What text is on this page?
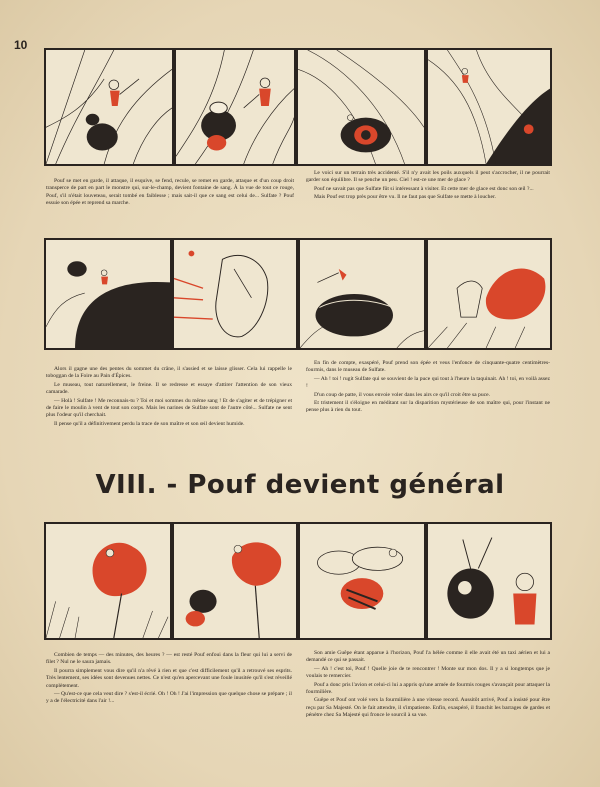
10

Pouf se met en garde, il attaque, il esquive, se fend, recule, se remet en garde, attaque et d'un coup droit transperce de part en part le monstre qui, sur-le-champ, devient fontaine de sang. À la vue de tout ce rouge, Pouf, s'il n'était louveteau, serait tombé en faiblesse ; mais sait-il que ce sang est celui de... Sulfate ? Pouf essuie son épée et reprend sa marche.

Le voici sur un terrain très accidenté. S'il n'y avait les poils auxquels il peut s'accrocher, il ne pourrait garder son équilibre. Il se penche un peu. Ciel ! est-ce une mer de glace ?

Pouf ne savait pas que Sulfate fût si intéressant à visiter. Et cette mer de glace est donc son œil ?...

Mais Pouf est trop près pour être vu. Il ne faut pas que Sulfate se mette à loucher.

Alors il gagne une des pentes du sommet du crâne, il s'assied et se laisse glisser. Cela lui rappelle le toboggan de la Foire au Pain d'Épices.

Le museau, tout naturellement, le freine. Il se redresse et essaye d'attirer l'attention de son vieux camarade.

— Holà ! Sulfate ! Me reconnais-tu ? Toi et moi sommes du même sang ! Et de s'agiter et de trépigner et de faire le moulin à vent de tout son corps. Mais les narines de Sulfate sont de l'autre côté... Sulfate ne sent plus l'odeur qu'il cherchait.

Il pense qu'il a définitivement perdu la trace de son maître et son œil devient humide.

En fin de compte, exaspéré, Pouf prend son épée et veus l'enfonce de cinquante-quatre centimètres-fourmis, dans le museau de Sulfate.

— Ah ! toi ! rugit Sulfate qui se souvient de la puce qui tout à l'heure la taquinait. Ah ! toi, en voilà assez !

D'un coup de patte, il vous envoie voler dans les airs ce qu'il croit être sa puce.

Et tristement il s'éloigne en méditant sur la disparition mystérieuse de son maître qui, pour l'instant ne pense plus à rien du tout.

VIII. - Pouf devient général

Combien de temps — des minutes, des heures ? — est resté Pouf enfoui dans la fleur qui lui a servi de filet ? Nul ne le saura jamais.

Il pourra simplement vous dire qu'il n'a rêvé à rien et que c'est difficilement qu'il a retrouvé ses esprits. Très lentement, ses idées sont devenues nettes. Ce n'est qu'en apercevant une foule inusitée qu'il s'est réveillé complètement.

— Qu'est-ce que cela veut dire ? s'est-il écrié. Oh ! Oh ! J'ai l'impression que quelque chose se prépare ; il y a de l'électricité dans l'air !...

Son amie Guêpe étant apparue à l'horizon, Pouf l'a hélée comme il elle avait été un taxi aérien et lui a demandé ce qui se passait.

— Ah ! c'est toi, Pouf ! Quelle joie de te rencontrer ! Monte sur mon dos. Il y a si longtemps que je voulais te remercier.

Pouf a donc pris l'avion et celui-ci lui a appris qu'une armée de fourmis rouges s'avançait pour attaquer la fourmilière.

Guêpe et Pouf ont volé vers la fourmilière à une vitesse record. Aussitôt arrivé, Pouf a insisté pour être reçu par Sa Majesté. On le fait attendre, il s'impatiente. Enfin, exaspéré, il franchit les barrages de gardes et pénètre chez Sa Majesté qui fronce le sourcil à sa vue.
